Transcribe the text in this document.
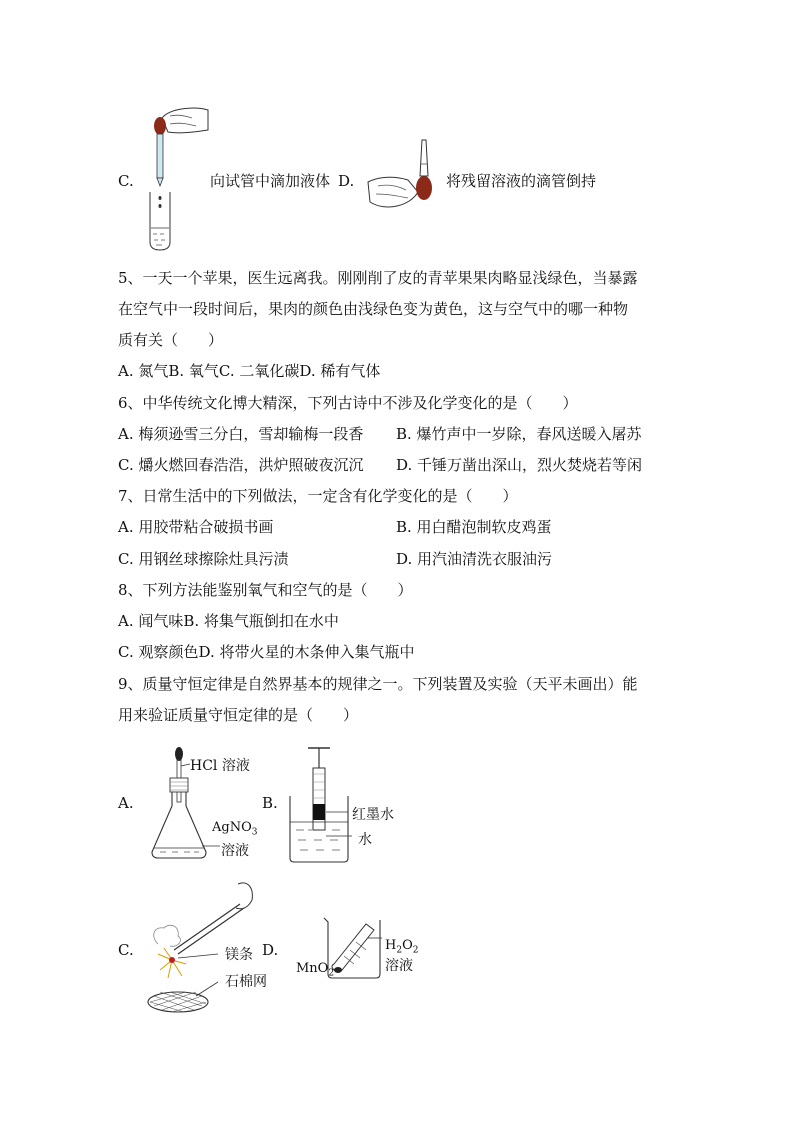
C.	向试管中滴加液体 D.	将残留溶液的滴管倒持
5、一天一个苹果，医生远离我。刚刚削了皮的青苹果果肉略显浅绿色，当暴露
在空气中一段时间后，果肉的颜色由浅绿色变为黄色，这与空气中的哪一种物
质有关（　　）
A. 氮气B. 氧气C. 二氧化碳D. 稀有气体
6、中华传统文化博大精深，下列古诗中不涉及化学变化的是（　　）
A. 梅须逊雪三分白，雪却输梅一段香 B. 爆竹声中一岁除，春风送暖入屠苏
C. 爝火燃回春浩浩，洪炉照破夜沉沉 D. 千锤万凿出深山，烈火焚烧若等闲
7、日常生活中的下列做法，一定含有化学变化的是（　　）
A. 用胶带粘合破损书画	B. 用白醋泡制软皮鸡蛋
C. 用钢丝球擦除灶具污渍	D. 用汽油清洗衣服油污
8、下列方法能鉴别氧气和空气的是（　　）
A. 闻气味B. 将集气瓶倒扣在水中
C. 观察颜色D. 将带火星的木条伸入集气瓶中
9、质量守恒定律是自然界基本的规律之一。下列装置及实验（天平未画出）能
用来验证质量守恒定律的是（　　）
A.
HCl 溶液
AgNO$_3$
溶液
B.
红墨水
水
C.	镁条
石棉网
D.	$H_2O_2$
溶液
MnO$_2$
